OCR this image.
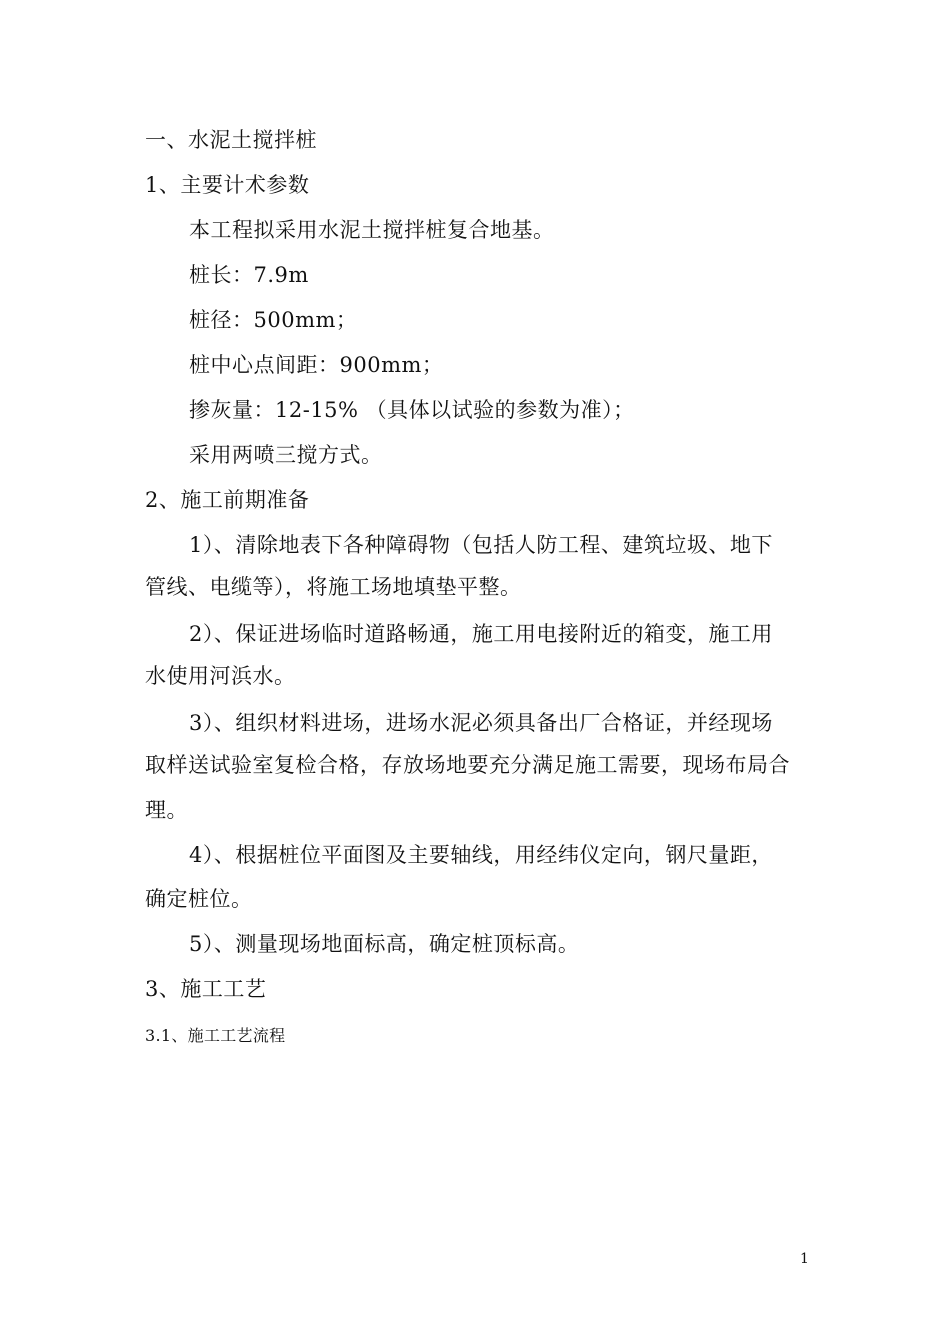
一、水泥土搅拌桩
1、主要计术参数
本工程拟采用水泥土搅拌桩复合地基。
桩长：7.9m
桩径：500mm；
桩中心点间距：900mm；
掺灰量：12-15% （具体以试验的参数为准）；
采用两喷三搅方式。
2、施工前期准备
1）、清除地表下各种障碍物（包括人防工程、建筑垃圾、地下
管线、电缆等），将施工场地填垫平整。
2）、保证进场临时道路畅通，施工用电接附近的箱变，施工用
水使用河浜水。
3）、组织材料进场，进场水泥必须具备出厂合格证，并经现场
取样送试验室复检合格，存放场地要充分满足施工需要，现场布局合
理。
4）、根据桩位平面图及主要轴线，用经纬仪定向，钢尺量距，
确定桩位。
5）、测量现场地面标高，确定桩顶标高。
3、施工工艺
3.1、施工工艺流程
1
